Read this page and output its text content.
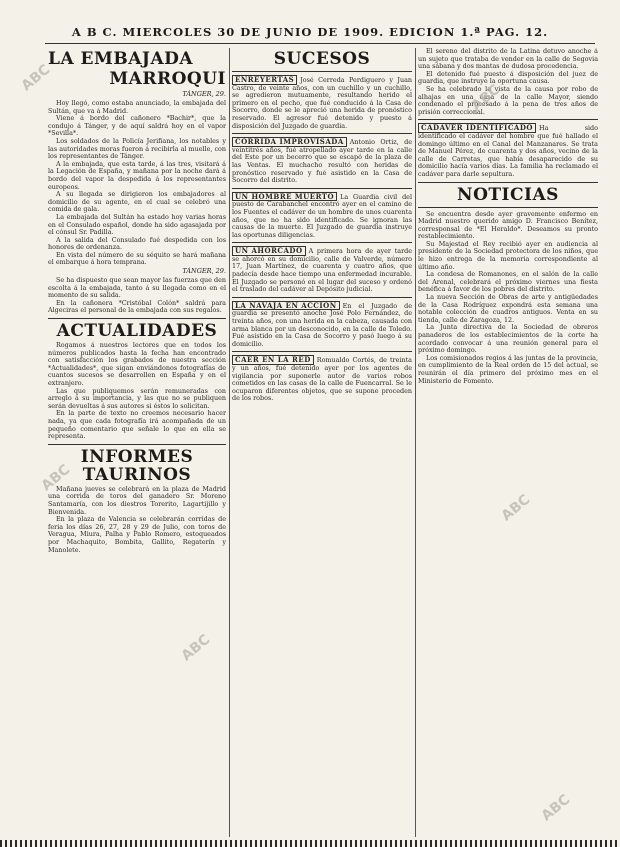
A B C. MIERCOLES 30 DE JUNIO DE 1909. EDICION 1.ª PAG. 12.
LA EMBAJADA
MARROQUI
TÁNGER, 29.

Hoy llegó, como estaba anunciado, la embajada del Sultán, que va á Madrid.

Viene á bordo del cañonero *Bachir*, que la condujo á Tánger, y de aquí saldrá hoy en el vapor *Sevilla*.

Los soldados de la Policía Jerifiana, los notables y las autoridades moras fueron á recibirla al muelle, con los representantes de Tánger.

A la embajada, que esta tarde, á las tres, visitará á la Legación de España, y mañana por la noche dará á bordo del vapor la despedida á los representantes europeos.

A su llegada se dirigieron los embajadores al domicilio de su agente, en el cual se celebró una comida de gala.

La embajada del Sultán ha estado hoy varias horas en el Consulado español, donde ha sido agasajada por el cónsul Sr. Padilla.

A la salida del Consulado fué despedida con los honores de ordenanza.

En vista del número de su séquito se hará mañana el embarque á hora temprana.

TÁNGER, 29.

Se ha dispuesto que sean mayor las fuerzas que den escolta á la embajada, tanto á su llegada como en el momento de su salida.

En la cañonera *Cristóbal Colón* saldrá para Algeciras el personal de la embajada con sus regalos.

ACTUALIDADES

Rogamos á nuestros lectores que en todos los números publicados hasta la fecha han encontrado con satisfacción los grabados de nuestra sección *Actualidades*, que sigan enviándonos fotografías de cuantos sucesos se desarrollen en España y en el extranjero.

Las que publiquemos serán remuneradas con arreglo á su importancia, y las que no se publiquen serán devueltas á sus autores si éstos lo solicitan.

En la parte de texto no creemos necesario hacer nada, ya que cada fotografía irá acompañada de un pequeño comentario que señale lo que en ella se representa.

INFORMES TAURINOS

Mañana jueves se celebrará en la plaza de Madrid una corrida de toros del ganadero Sr. Moreno Santamaría, con los diestros Torerito, Lagartijillo y Bienvenida.

En la plaza de Valencia se celebrarán corridas de feria los días 26, 27, 28 y 29 de Julio, con toros de Veragua, Miura, Palha y Pablo Romero, estoqueados por Machaquito, Bombita, Gallito, Regaterín y Manolete.

SUCESOS

ENREYERTAS José Cerreda Perdiguero y Juan Castro, de veinte años, con un cuchillo y un cuchillo, se agredieron mutuamente, resultando herido el primero en el pecho, que fué conducido á la Casa de Socorro, donde se le apreció una herida de pronóstico reservado. El agresor fué detenido y puesto á disposición del Juzgado de guardia.

CORRIDA IMPROVISADA Antonio Ortiz, de veintitrés años, fué atropellado ayer tarde en la calle del Este por un becerro que se escapó de la plaza de las Ventas. El muchacho resultó con heridas de pronóstico reservado y fué asistido en la Casa de Socorro del distrito.

UN HOMBRE MUERTO La Guardia civil del puesto de Carabanchel encontró ayer en el camino de los Fuentes el cadáver de un hombre de unos cuarenta años, que no ha sido identificado. Se ignoran las causas de la muerte. El Juzgado de guardia instruye las oportunas diligencias.

UN AHORCADO A primera hora de ayer tarde se ahorcó en su domicilio, calle de Valverde, número 17, Juan Martínez, de cuarenta y cuatro años, que padecía desde hace tiempo una enfermedad incurable. El Juzgado se personó en el lugar del suceso y ordenó el traslado del cadáver al Depósito judicial.

LA NAVAJA EN ACCION En el Juzgado de guardia se presentó anoche José Polo Fernández, de treinta años, con una herida en la cabeza, causada con arma blanca por un desconocido, en la calle de Toledo. Fué asistido en la Casa de Socorro y pasó luego á su domicilio.

CAER EN LA RED Romualdo Cortés, de treinta y un años, fué detenido ayer por los agentes de vigilancia por suponerle autor de varios robos cometidos en las casas de la calle de Fuencarral. Se le ocuparon diferentes objetos, que se supone proceden de los robos.

El sereno del distrito de la Latina detuvo anoche á un sujeto que trataba de vender en la calle de Segovia una sábana y dos mantas de dudosa procedencia.

El detenido fué puesto á disposición del juez de guardia, que instruye la oportuna causa.

Se ha celebrado la vista de la causa por robo de alhajas en una casa de la calle Mayor, siendo condenado el procesado á la pena de tres años de prisión correccional.

CADAVER IDENTIFICADO Ha sido identificado el cadáver del hombre que fué hallado el domingo último en el Canal del Manzanares. Se trata de Manuel Pérez, de cuarenta y dos años, vecino de la calle de Carretas, que había desaparecido de su domicilio hacía varios días. La familia ha reclamado el cadáver para darle sepultura.

NOTICIAS

Se encuentra desde ayer gravemente enfermo en Madrid nuestro querido amigo D. Francisco Benítez, corresponsal de *El Heraldo*. Deseamos su pronto restablecimiento.

Su Majestad el Rey recibió ayer en audiencia al presidente de la Sociedad protectora de los niños, que le hizo entrega de la memoria correspondiente al último año.

La condesa de Romanones, en el salón de la calle del Arenal, celebrará el próximo viernes una fiesta benéfica á favor de los pobres del distrito.

La nueva Sección de Obras de arte y antigüedades de la Casa Rodríguez expondrá esta semana una notable colección de cuadros antiguos. Venta en su tienda, calle de Zaragoza, 12.

La Junta directiva de la Sociedad de obreros panaderos de los establecimientos de la corte ha acordado convocar á una reunión general para el próximo domingo.

Los comisionados regios á las juntas de la provincia, en cumplimiento de la Real orden de 15 del actual, se reunirán el día primero del próximo mes en el Ministerio de Fomento.

ABC
ABC
ABC
ABC
ABC
ABC
